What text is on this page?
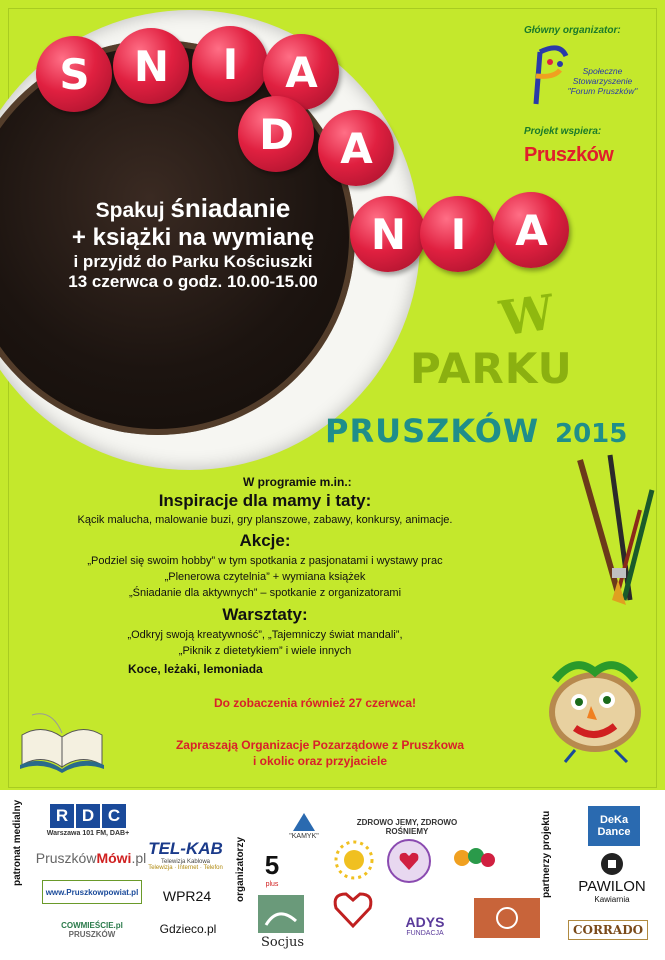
S	N	I	A
D	A
N	I	A
Spakuj śniadanie
+ książki na wymianę
i przyjdź do Parku Kościuszki
13 czerwca o godz. 10.00-15.00
W
PARKU
PRUSZKÓW 2015
Główny organizator:
Społeczne
Stowarzyszenie
"Forum Pruszków"
Projekt wspiera:
Pruszków
W programie m.in.:
Inspiracje dla mamy i taty:
Kącik malucha, malowanie buzi, gry planszowe, zabawy, konkursy, animacje.
Akcje:
„Podziel się swoim hobby” w tym spotkania z pasjonatami i wystawy prac
„Plenerowa czytelnia” + wymiana książek
„Śniadanie dla aktywnych” – spotkanie z organizatorami
Warsztaty:
„Odkryj swoją kreatywność”, „Tajemniczy świat mandali”,
„Piknik z dietetykiem” i wiele innych
Koce, leżaki, lemoniada
Do zobaczenia również 27 czerwca!
Zapraszają Organizacje Pozarządowe z Pruszkowa
i okolic oraz przyjaciele
patronat medialny	organizatorzy	partnerzy projektu
R D C
Warszawa 101 FM, DAB+
Pruszków Mówi .pl
www. Pruszkowpowiat.pl
COWMIEŚCIE.pl
PRUSZKÓW
TEL-KAB
Telewizja Kablowa
Telewizja · Internet · Telefon
WPR24
Gdzieco.pl
"KAMYK"
ZDROWO JEMY, ZDROWO ROŚNIEMY
5
plus
Socjus
ADYS
FUNDACJA
DeKa
Dance
PAWILON
Kawiarnia
CORRADO
